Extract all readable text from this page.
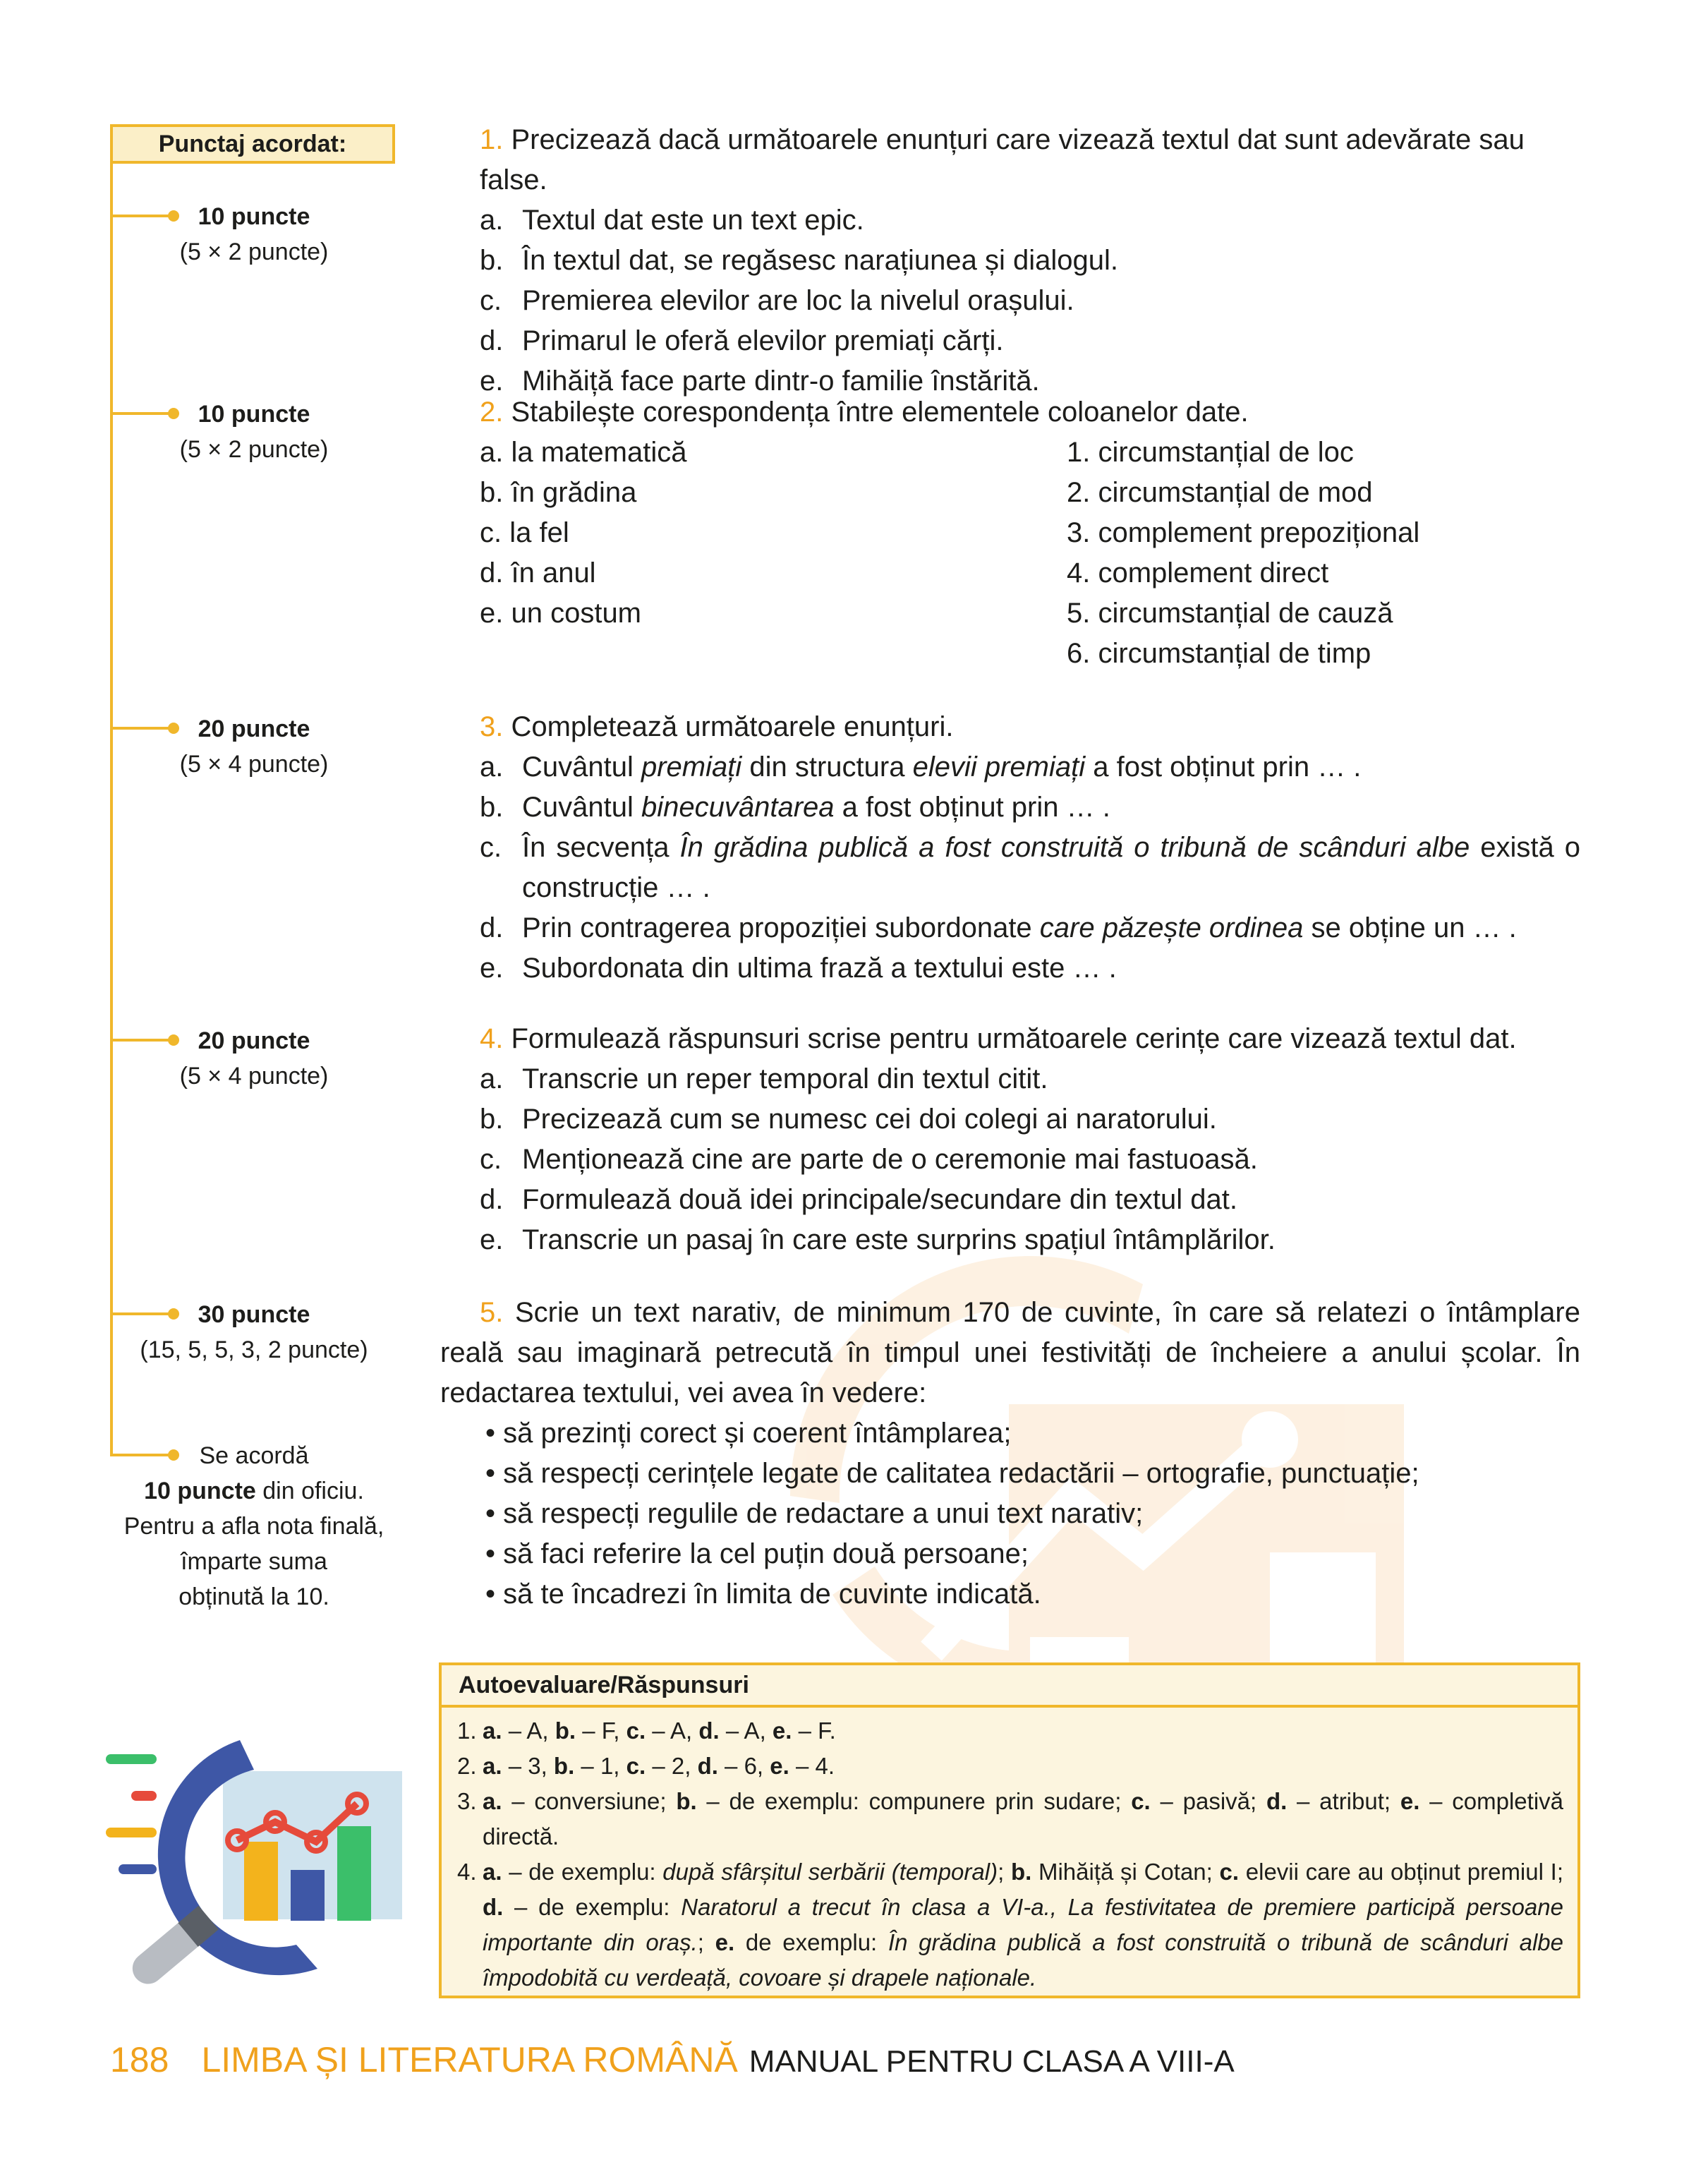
Punctaj acordat:
10 puncte
(5 × 2 puncte)
10 puncte
(5 × 2 puncte)
20 puncte
(5 × 4 puncte)
20 puncte
(5 × 4 puncte)
30 puncte
(15, 5, 5, 3, 2 puncte)
Se acordă
10 puncte din oficiu.
Pentru a afla nota finală,
împarte suma
obținută la 10.
1. Precizează dacă următoarele enunțuri care vizează textul dat sunt adevărate sau false.
a. Textul dat este un text epic.
b. În textul dat, se regăsesc narațiunea și dialogul.
c. Premierea elevilor are loc la nivelul orașului.
d. Primarul le oferă elevilor premiați cărți.
e. Mihăiță face parte dintr-o familie înstărită.
2. Stabilește corespondența între elementele coloanelor date.
a. la matematică
b. în grădina
c. la fel
d. în anul
e. un costum
1. circumstanțial de loc
2. circumstanțial de mod
3. complement prepozițional
4. complement direct
5. circumstanțial de cauză
6. circumstanțial de timp
3. Completează următoarele enunțuri.
a. Cuvântul premiați din structura elevii premiați a fost obținut prin … .
b. Cuvântul binecuvântarea a fost obținut prin … .
c. În secvența În grădina publică a fost construită o tribună de scânduri albe există o construcție … .
d. Prin contragerea propoziției subordonate care păzește ordinea se obține un … .
e. Subordonata din ultima frază a textului este … .
4. Formulează răspunsuri scrise pentru următoarele cerințe care vizează textul dat.
a. Transcrie un reper temporal din textul citit.
b. Precizează cum se numesc cei doi colegi ai naratorului.
c. Menționează cine are parte de o ceremonie mai fastuoasă.
d. Formulează două idei principale/secundare din textul dat.
e. Transcrie un pasaj în care este surprins spațiul întâmplărilor.
5. Scrie un text narativ, de minimum 170 de cuvinte, în care să relatezi o întâmplare reală sau imaginară petrecută în timpul unei festivități de încheiere a anului școlar. În redactarea textului, vei avea în vedere:
• să prezinți corect și coerent întâmplarea;
• să respecți cerințele legate de calitatea redactării – ortografie, punctuație;
• să respecți regulile de redactare a unui text narativ;
• să faci referire la cel puțin două persoane;
• să te încadrezi în limita de cuvinte indicată.
Autoevaluare/Răspunsuri
1. a. – A, b. – F, c. – A, d. – A, e. – F.
2. a. – 3, b. – 1, c. – 2, d. – 6, e. – 4.
3. a. – conversiune; b. – de exemplu: compunere prin sudare; c. – pasivă; d. – atribut; e. – completivă directă.
4. a. – de exemplu: după sfârșitul serbării (temporal); b. Mihăiță și Cotan; c. elevii care au obținut premiul I; d. – de exemplu: Naratorul a trecut în clasa a VI-a., La festivitatea de premiere participă persoane importante din oraș.; e. de exemplu: În grădina publică a fost construită o tribună de scânduri albe împodobită cu verdeață, covoare și drapele naționale.
188 LIMBA ȘI LITERATURA ROMÂNĂ MANUAL PENTRU CLASA A VIII-A
